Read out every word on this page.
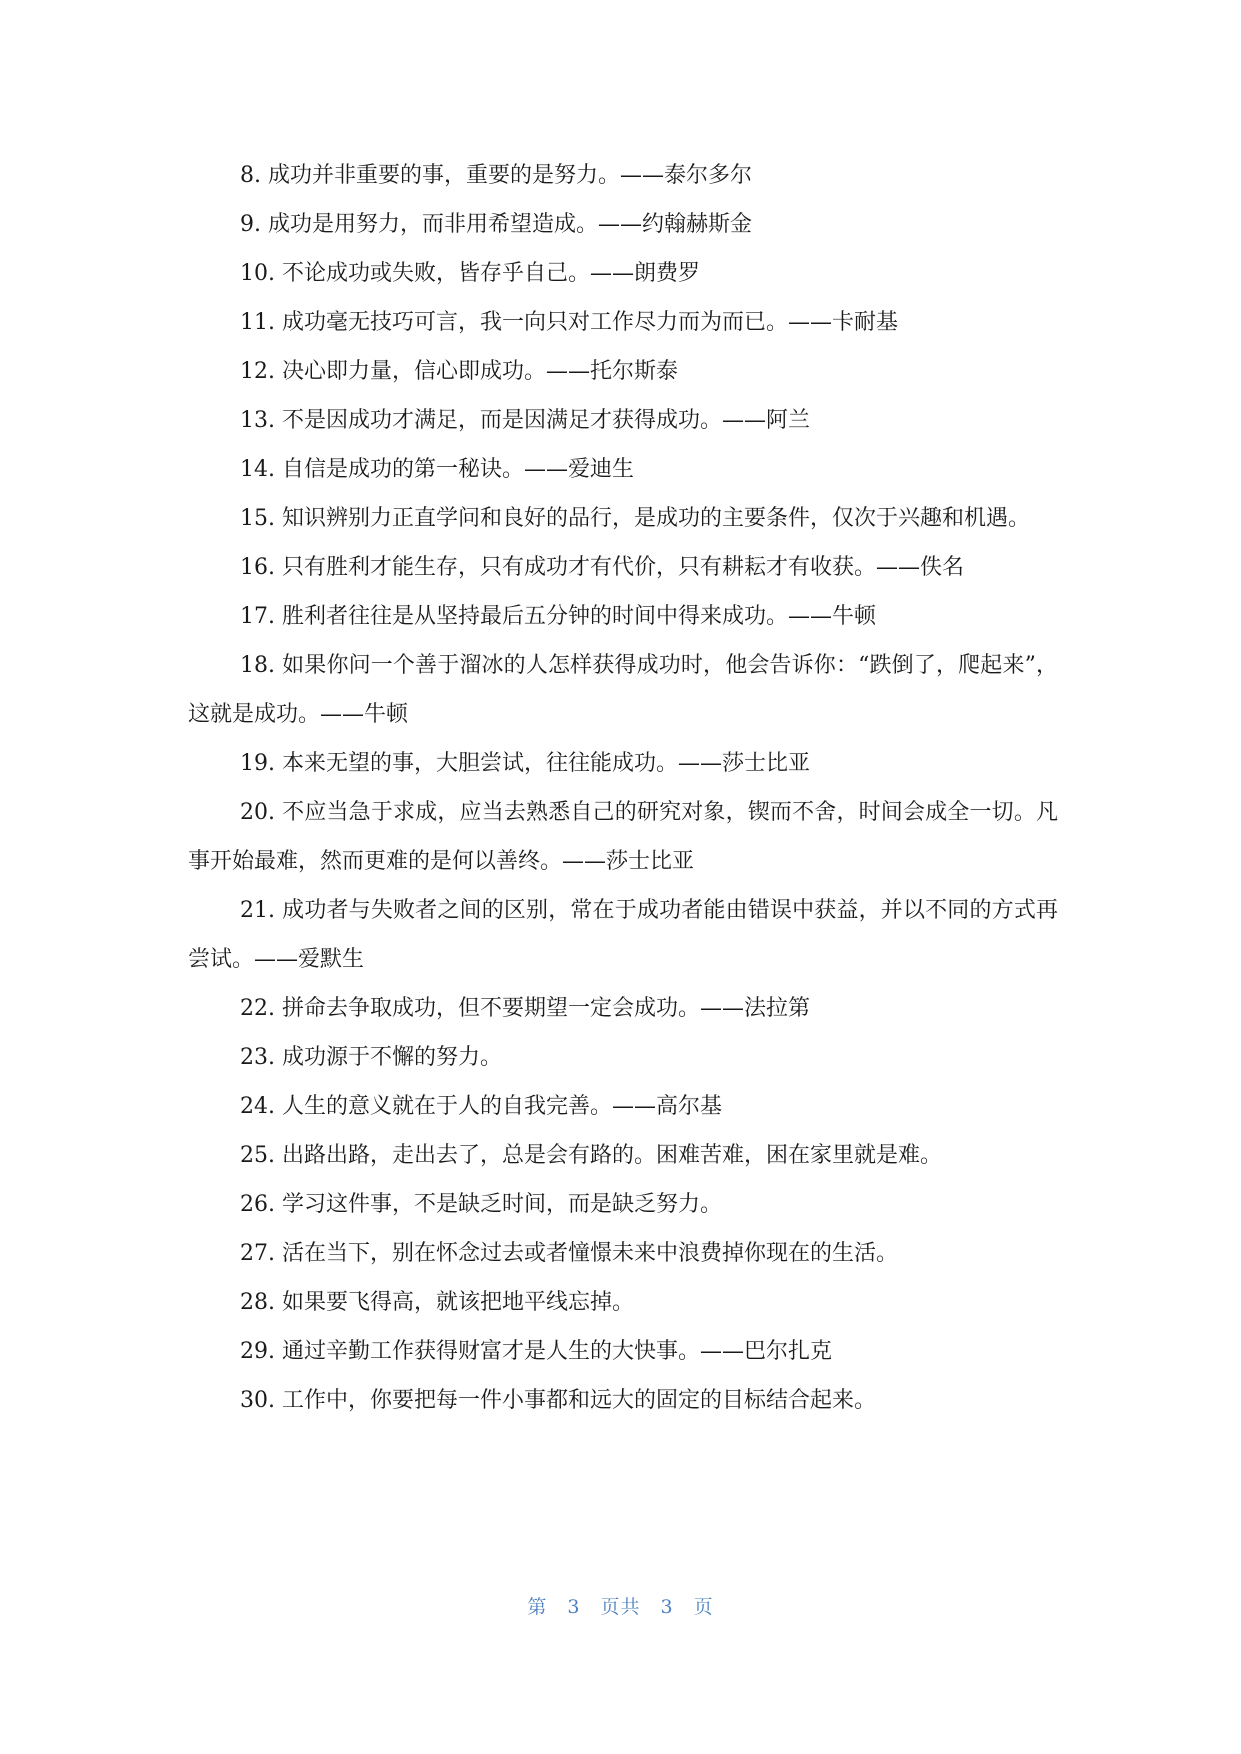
8. 成功并非重要的事，重要的是努力。——泰尔多尔

9. 成功是用努力，而非用希望造成。——约翰赫斯金

10. 不论成功或失败，皆存乎自己。——朗费罗

11. 成功毫无技巧可言，我一向只对工作尽力而为而已。——卡耐基

12. 决心即力量，信心即成功。——托尔斯泰

13. 不是因成功才满足，而是因满足才获得成功。——阿兰

14. 自信是成功的第一秘诀。——爱迪生

15. 知识辨别力正直学问和良好的品行，是成功的主要条件，仅次于兴趣和机遇。

16. 只有胜利才能生存，只有成功才有代价，只有耕耘才有收获。——佚名

17. 胜利者往往是从坚持最后五分钟的时间中得来成功。——牛顿

18. 如果你问一个善于溜冰的人怎样获得成功时，他会告诉你：“跌倒了，爬起来”，这就是成功。——牛顿

19. 本来无望的事，大胆尝试，往往能成功。——莎士比亚

20. 不应当急于求成，应当去熟悉自己的研究对象，锲而不舍，时间会成全一切。凡事开始最难，然而更难的是何以善终。——莎士比亚

21. 成功者与失败者之间的区别，常在于成功者能由错误中获益，并以不同的方式再尝试。——爱默生

22. 拼命去争取成功，但不要期望一定会成功。——法拉第

23. 成功源于不懈的努力。

24. 人生的意义就在于人的自我完善。——高尔基

25. 出路出路，走出去了，总是会有路的。困难苦难，困在家里就是难。

26. 学习这件事，不是缺乏时间，而是缺乏努力。

27. 活在当下，别在怀念过去或者憧憬未来中浪费掉你现在的生活。

28. 如果要飞得高，就该把地平线忘掉。

29. 通过辛勤工作获得财富才是人生的大快事。——巴尔扎克

30. 工作中，你要把每一件小事都和远大的固定的目标结合起来。

第 3 页共 3 页
